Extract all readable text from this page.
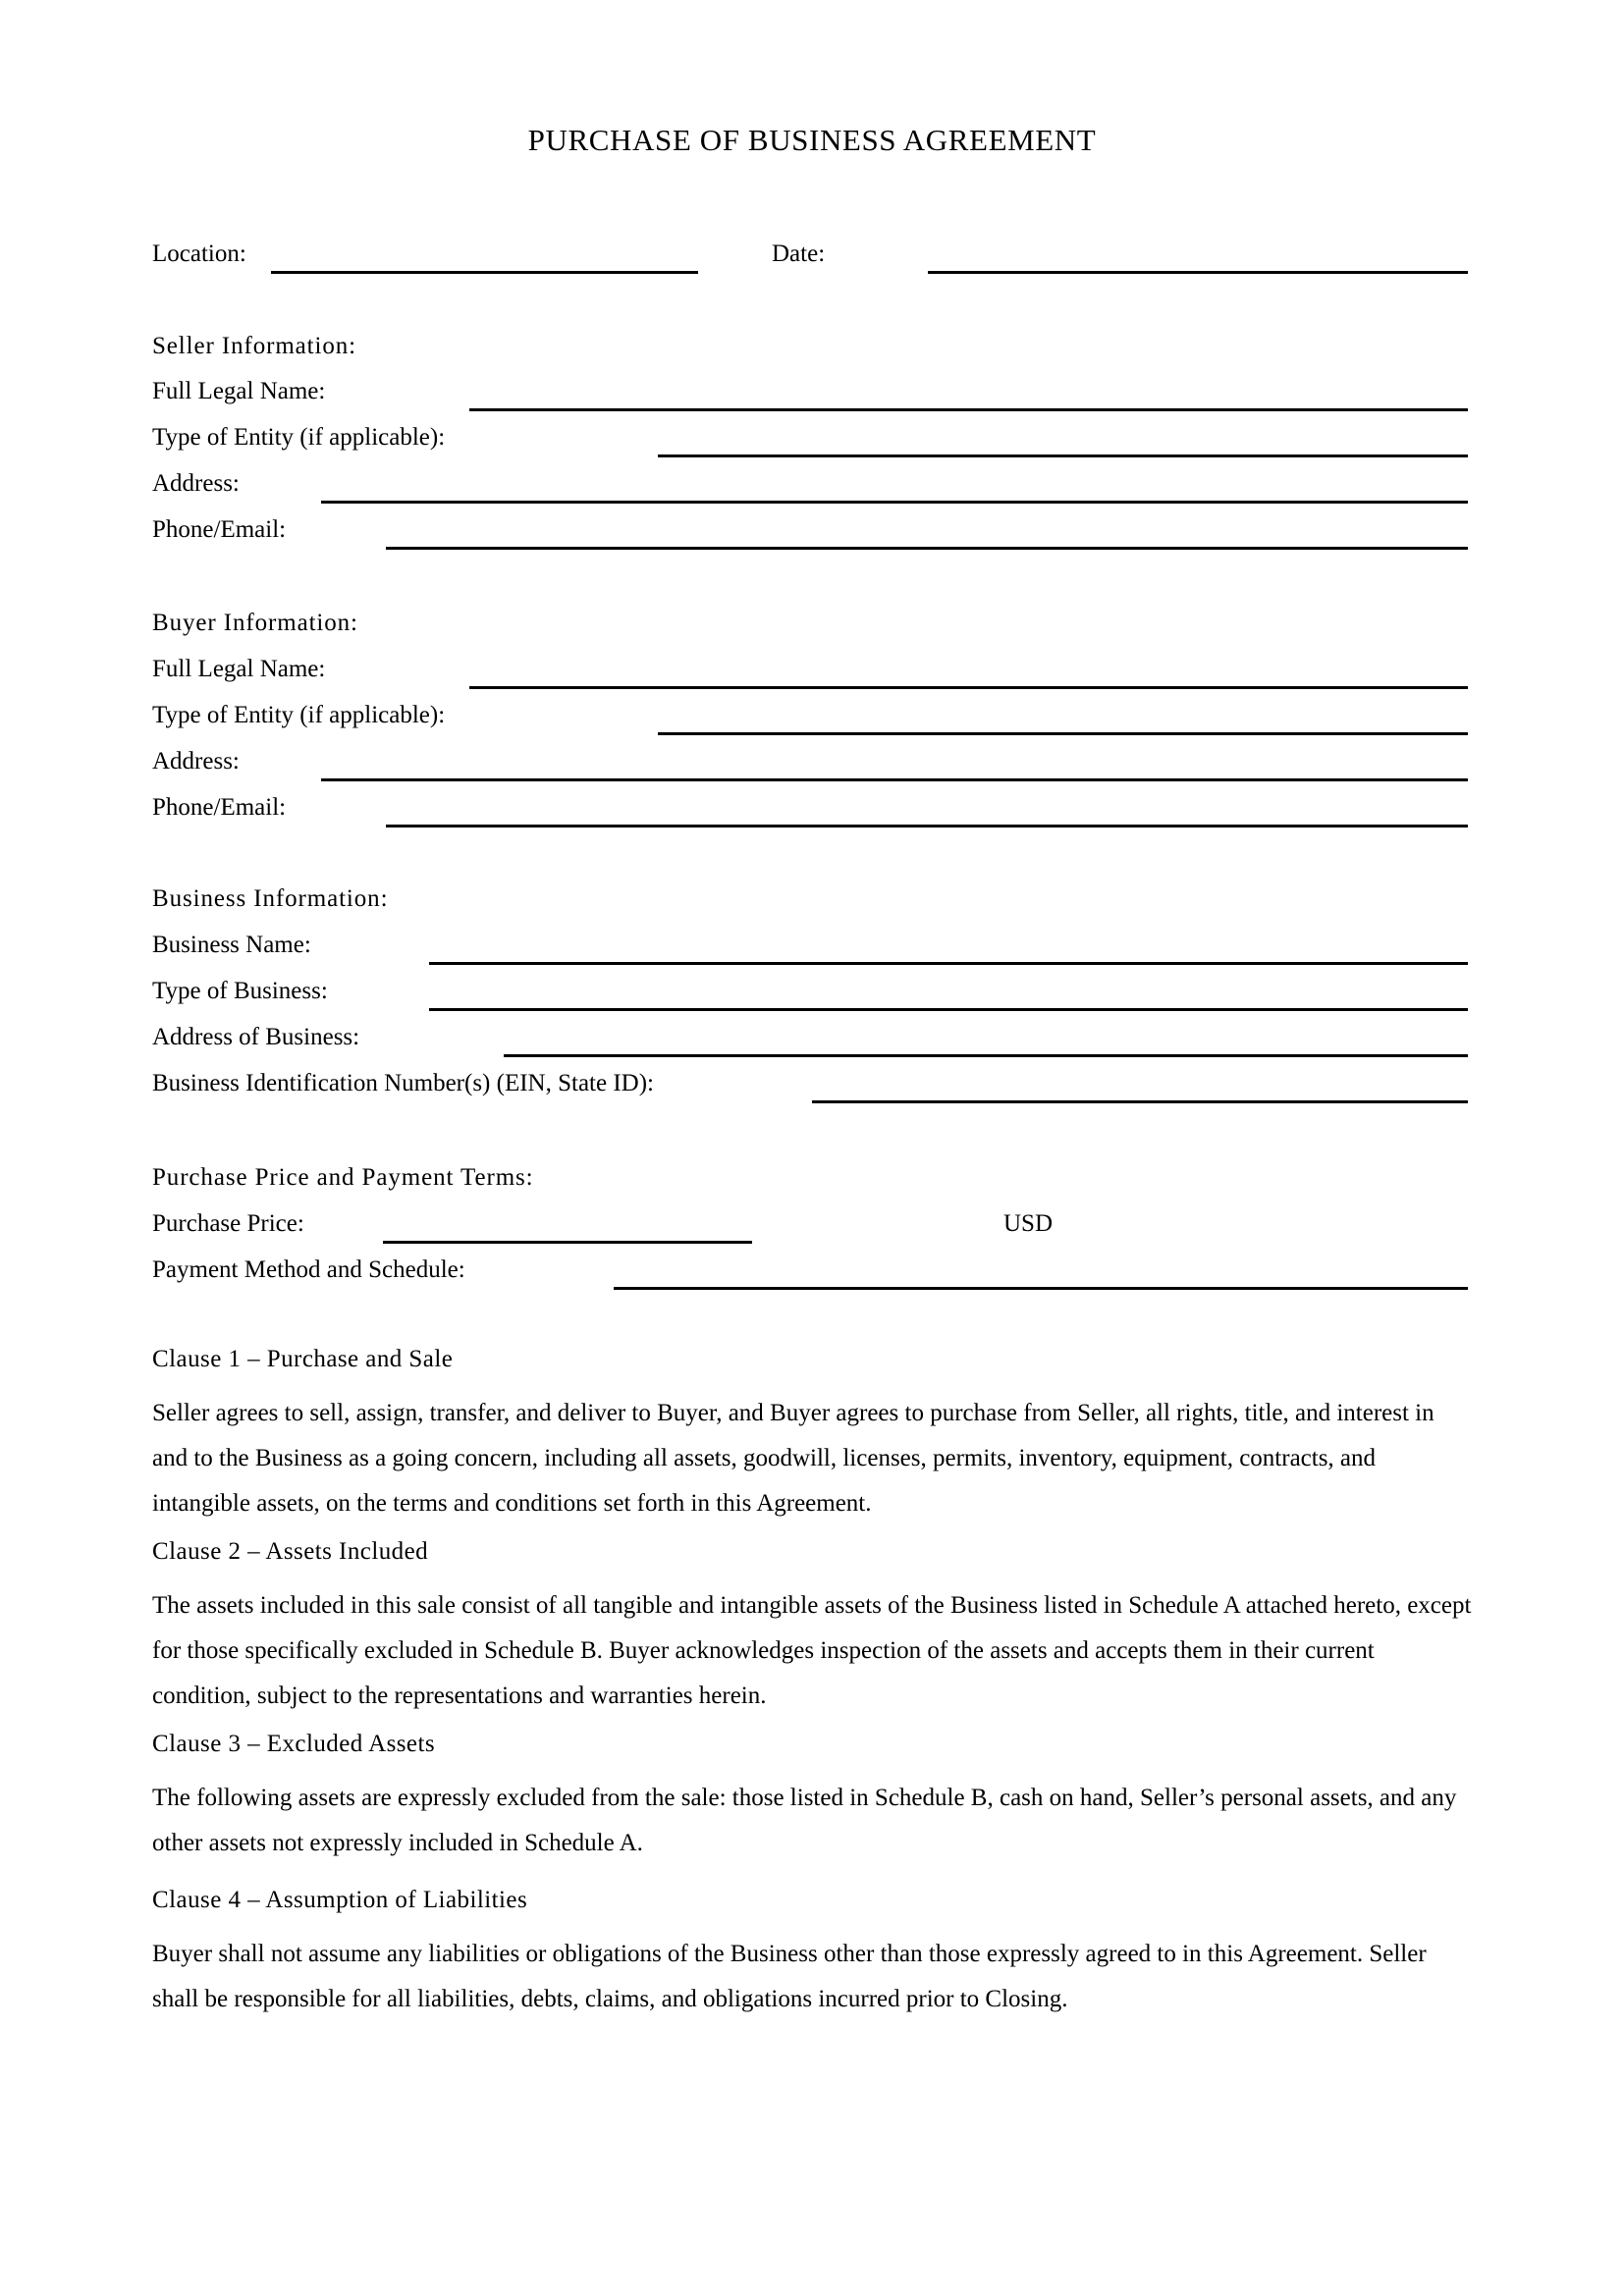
PURCHASE OF BUSINESS AGREEMENT
Location:	Date:
Seller Information:
Full Legal Name:
Type of Entity (if applicable):
Address:
Phone/Email:
Buyer Information:
Full Legal Name:
Type of Entity (if applicable):
Address:
Phone/Email:
Business Information:
Business Name:
Type of Business:
Address of Business:
Business Identification Number(s) (EIN, State ID):
Purchase Price and Payment Terms:
Purchase Price:	USD
Payment Method and Schedule:
Clause 1 – Purchase and Sale
Seller agrees to sell, assign, transfer, and deliver to Buyer, and Buyer agrees to purchase from Seller, all rights, title, and interest in and to the Business as a going concern, including all assets, goodwill, licenses, permits, inventory, equipment, contracts, and intangible assets, on the terms and conditions set forth in this Agreement.
Clause 2 – Assets Included
The assets included in this sale consist of all tangible and intangible assets of the Business listed in Schedule A attached hereto, except for those specifically excluded in Schedule B. Buyer acknowledges inspection of the assets and accepts them in their current condition, subject to the representations and warranties herein.
Clause 3 – Excluded Assets
The following assets are expressly excluded from the sale: those listed in Schedule B, cash on hand, Seller’s personal assets, and any other assets not expressly included in Schedule A.
Clause 4 – Assumption of Liabilities
Buyer shall not assume any liabilities or obligations of the Business other than those expressly agreed to in this Agreement. Seller shall be responsible for all liabilities, debts, claims, and obligations incurred prior to Closing.
